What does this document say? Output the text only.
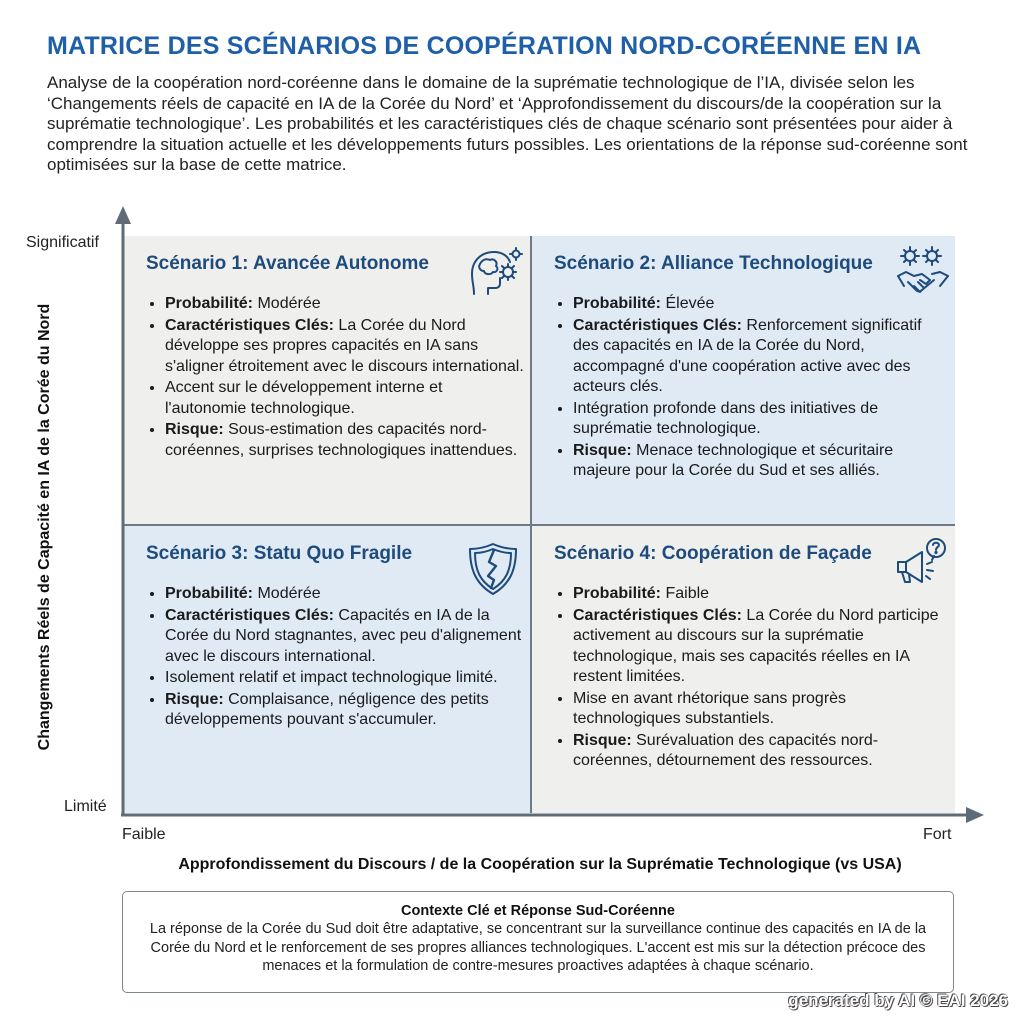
MATRICE DES SCÉNARIOS DE COOPÉRATION NORD-CORÉENNE EN IA
Analyse de la coopération nord-coréenne dans le domaine de la suprématie technologique de l’IA, divisée selon les ‘Changements réels de capacité en IA de la Corée du Nord’ et ‘Approfondissement du discours/de la coopération sur la suprématie technologique’. Les probabilités et les caractéristiques clés de chaque scénario sont présentées pour aider à comprendre la situation actuelle et les développements futurs possibles. Les orientations de la réponse sud-coréenne sont optimisées sur la base de cette matrice.
Scénario 1: Avancée Autonome
• Probabilité: Modérée
• Caractéristiques Clés: La Corée du Nord développe ses propres capacités en IA sans s'aligner étroitement avec le discours international.
• Accent sur le développement interne et l'autonomie technologique.
• Risque: Sous-estimation des capacités nord-coréennes, surprises technologiques inattendues.
Scénario 2: Alliance Technologique
• Probabilité: Élevée
• Caractéristiques Clés: Renforcement significatif des capacités en IA de la Corée du Nord, accompagné d'une coopération active avec des acteurs clés.
• Intégration profonde dans des initiatives de suprématie technologique.
• Risque: Menace technologique et sécuritaire majeure pour la Corée du Sud et ses alliés.
Scénario 3: Statu Quo Fragile
• Probabilité: Modérée
• Caractéristiques Clés: Capacités en IA de la Corée du Nord stagnantes, avec peu d'alignement avec le discours international.
• Isolement relatif et impact technologique limité.
• Risque: Complaisance, négligence des petits développements pouvant s'accumuler.
Scénario 4: Coopération de Façade
• Probabilité: Faible
• Caractéristiques Clés: La Corée du Nord participe activement au discours sur la suprématie technologique, mais ses capacités réelles en IA restent limitées.
• Mise en avant rhétorique sans progrès technologiques substantiels.
• Risque: Surévaluation des capacités nord-coréennes, détournement des ressources.
Significatif
Limité
Faible	Fort
Changements Réels de Capacité en IA de la Corée du Nord
Approfondissement du Discours / de la Coopération sur la Suprématie Technologique (vs USA)
Contexte Clé et Réponse Sud-Coréenne
La réponse de la Corée du Sud doit être adaptative, se concentrant sur la surveillance continue des capacités en IA de la Corée du Nord et le renforcement de ses propres alliances technologiques. L'accent est mis sur la détection précoce des menaces et la formulation de contre-mesures proactives adaptées à chaque scénario.
generated by AI © EAI 2026
